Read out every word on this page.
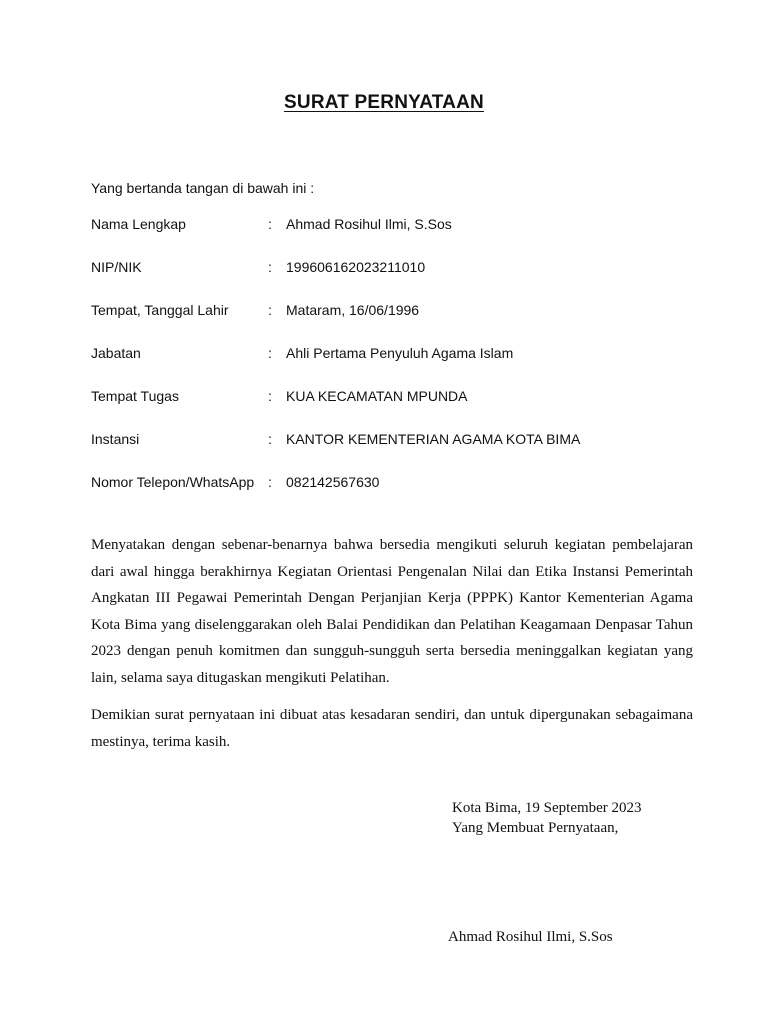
SURAT PERNYATAAN
Yang bertanda tangan di bawah ini :
Nama Lengkap	: Ahmad Rosihul Ilmi, S.Sos
NIP/NIK	: 199606162023211010
Tempat, Tanggal Lahir	: Mataram, 16/06/1996
Jabatan	: Ahli Pertama Penyuluh Agama Islam
Tempat Tugas	: KUA KECAMATAN MPUNDA
Instansi	: KANTOR KEMENTERIAN AGAMA KOTA BIMA
Nomor Telepon/WhatsApp : 082142567630

Menyatakan dengan sebenar-benarnya bahwa bersedia mengikuti seluruh kegiatan pembelajaran dari awal hingga berakhirnya Kegiatan Orientasi Pengenalan Nilai dan Etika Instansi Pemerintah Angkatan III Pegawai Pemerintah Dengan Perjanjian Kerja (PPPK) Kantor Kementerian Agama Kota Bima yang diselenggarakan oleh Balai Pendidikan dan Pelatihan Keagamaan Denpasar Tahun 2023 dengan penuh komitmen dan sungguh-sungguh serta bersedia meninggalkan kegiatan yang lain, selama saya ditugaskan mengikuti Pelatihan.

Demikian surat pernyataan ini dibuat atas kesadaran sendiri, dan untuk dipergunakan sebagaimana mestinya, terima kasih.

Kota Bima, 19 September 2023
Yang Membuat Pernyataan,
Ahmad Rosihul Ilmi, S.Sos
